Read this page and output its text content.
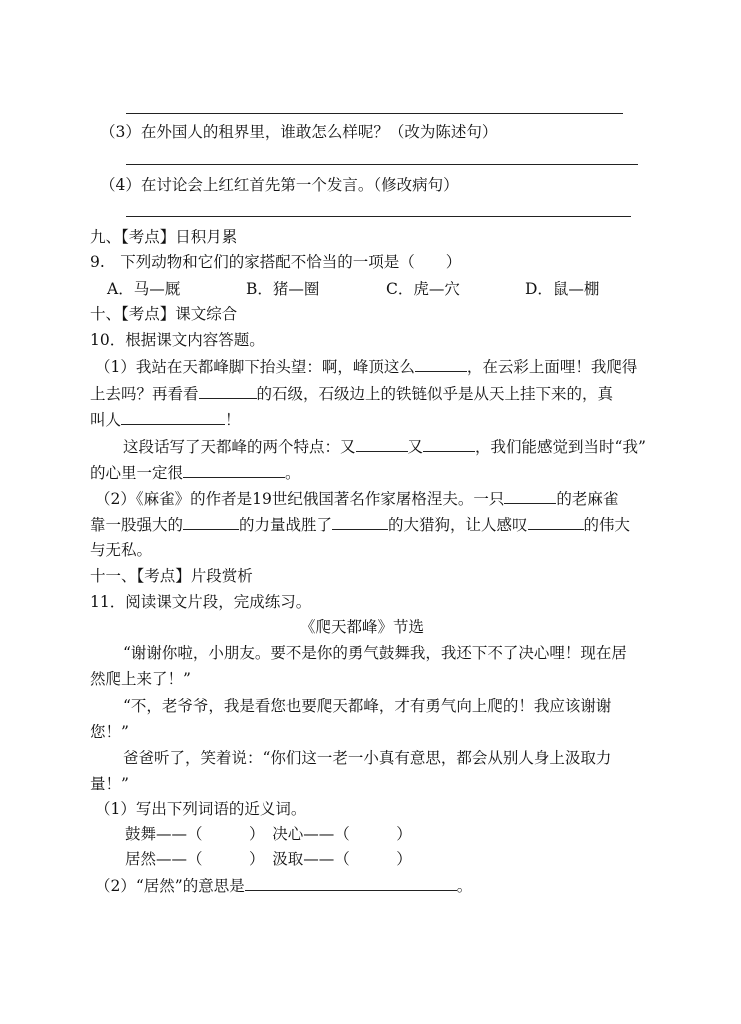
（3）在外国人的租界里，谁敢怎么样呢？（改为陈述句）
（4）在讨论会上红红首先第一个发言。（修改病句）
九、【考点】日积月累
9.　下列动物和它们的家搭配不恰当的一项是（　　）
A．马—厩	B．猪—圈	C．虎—穴	D．鼠—棚
十、【考点】课文综合
10．根据课文内容答题。
（1）我站在天都峰脚下抬头望：啊，峰顶这么	，在云彩上面哩！我爬得
上去吗？再看看	的石级，石级边上的铁链似乎是从天上挂下来的，真
叫人	！
这段话写了天都峰的两个特点：又	又	，我们能感觉到当时“我”
的心里一定很	。
（2）《麻雀》的作者是19世纪俄国著名作家屠格涅夫。一只	的老麻雀
靠一股强大的	的力量战胜了	的大猎狗，让人感叹	的伟大
与无私。
十一、【考点】片段赏析
11．阅读课文片段，完成练习。
《爬天都峰》节选
“谢谢你啦，小朋友。要不是你的勇气鼓舞我，我还下不了决心哩！现在居
然爬上来了！”
“不，老爷爷，我是看您也要爬天都峰，才有勇气向上爬的！我应该谢谢
您！”
爸爸听了，笑着说：“你们这一老一小真有意思，都会从别人身上汲取力
量！”
（1）写出下列词语的近义词。
鼓舞——（　　　）　决心——（　　　）
居然——（　　　）　汲取——（　　　）
（2）“居然”的意思是	。
